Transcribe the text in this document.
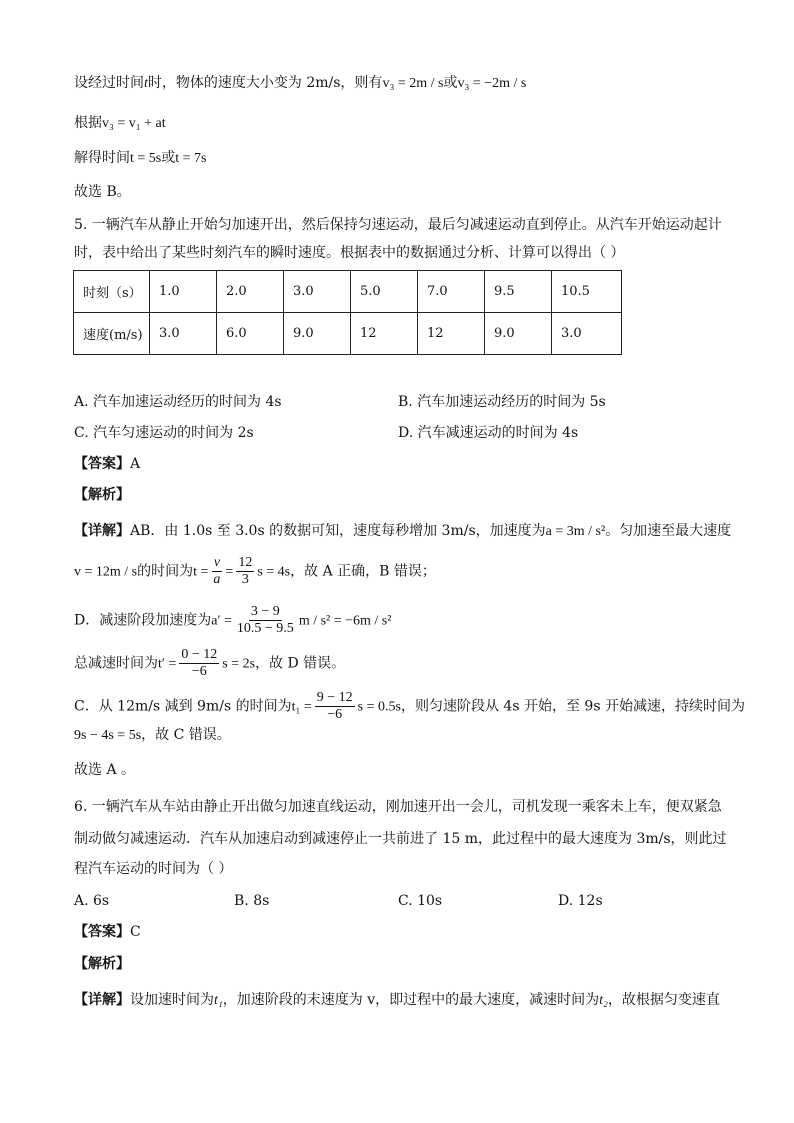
设经过时间t时，物体的速度大小变为 2m/s，则有v₃ = 2m / s或v₃ = −2m / s
根据v₃ = v₁ + at
解得时间t = 5s或t = 7s
故选 B。
5. 一辆汽车从静止开始匀加速开出，然后保持匀速运动，最后匀减速运动直到停止。从汽车开始运动起计
时，表中给出了某些时刻汽车的瞬时速度。根据表中的数据通过分析、计算可以得出（ ）
时刻（s）	1.0	2.0	3.0	5.0	7.0	9.5	10.5
速度(m/s)	3.0	6.0	9.0	12	12	9.0	3.0
A. 汽车加速运动经历的时间为 4s	B. 汽车加速运动经历的时间为 5s
C. 汽车匀速运动的时间为 2s	D. 汽车减速运动的时间为 4s
【答案】A
【解析】
【详解】AB．由 1.0s 至 3.0s 的数据可知，速度每秒增加 3m/s，加速度为a = 3m / s²。匀加速至最大速度
v = 12m / s的时间为$t = \frac{v}{a} = \frac{12}{3}$ s = 4s，故 A 正确，B 错误；
D．减速阶段加速度为$a' = \frac{3 - 9}{10.5 - 9.5}$ m / s² = −6m / s²
总减速时间为$t' = \frac{0 - 12}{-6}$ s = 2s，故 D 错误。
C．从 12m/s 减到 9m/s 的时间为$t_1 = \frac{9 - 12}{-6}$ s = 0.5s，则匀速阶段从 4s 开始，至 9s 开始减速，持续时间为
9s − 4s = 5s，故 C 错误。
故选 A 。
6. 一辆汽车从车站由静止开出做匀加速直线运动，刚加速开出一会儿，司机发现一乘客未上车，便双紧急
制动做匀减速运动．汽车从加速启动到减速停止一共前进了 15 m，此过程中的最大速度为 3m/s，则此过
程汽车运动的时间为（ ）
A. 6s	B. 8s	C. 10s	D. 12s
【答案】C
【解析】
【详解】设加速时间为t₁，加速阶段的末速度为 v，即过程中的最大速度，减速时间为t₂，故根据匀变速直
